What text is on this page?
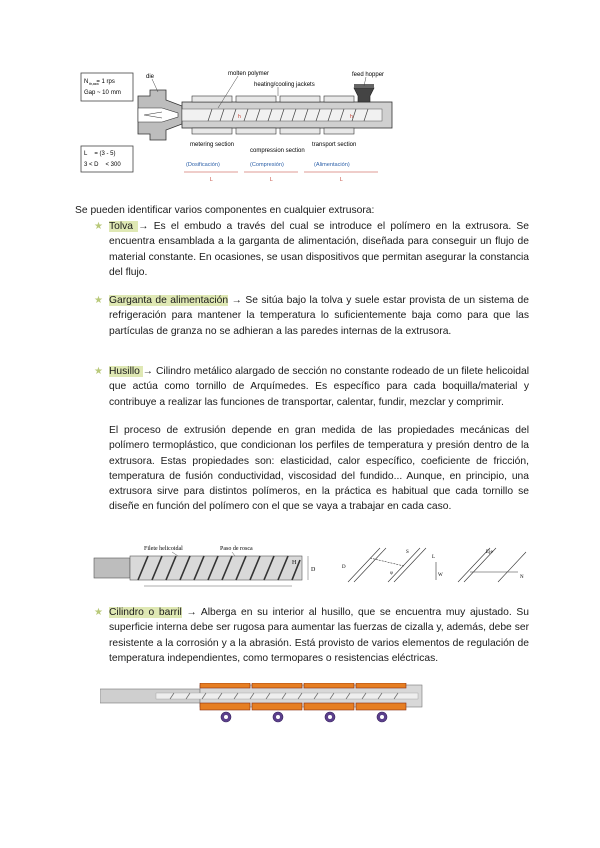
N = 1 rps
Gap ~ 10 mm
ttr,asw
L = (3 - 5)
3 < D < 300
h	h
die	molten polymer
heating/cooling jackets
feed hopper
metering section
compression section
transport section
(Dosificación)	(Compresión)	(Alimentación)
L	L	L
Se pueden identificar varios componentes en cualquier extrusora:
★ Tolva → Es el embudo a través del cual se introduce el polímero en la extrusora. Se encuentra ensamblada a la garganta de alimentación, diseñada para conseguir un flujo de material constante. En ocasiones, se usan dispositivos que permitan asegurar la constancia del flujo.
★ Garganta de alimentación → Se sitúa bajo la tolva y suele estar provista de un sistema de refrigeración para mantener la temperatura lo suficientemente baja como para que las partículas de granza no se adhieran a las paredes internas de la extrusora.
★ Husillo → Cilindro metálico alargado de sección no constante rodeado de un filete helicoidal que actúa como tornillo de Arquímedes. Es específico para cada boquilla/material y contribuye a realizar las funciones de transportar, calentar, fundir, mezclar y comprimir.
El proceso de extrusión depende en gran medida de las propiedades mecánicas del polímero termoplástico, que condicionan los perfiles de temperatura y presión dentro de la extrusora. Estas propiedades son: elasticidad, calor específico, coeficiente de fricción, temperatura de fusión conductividad, viscosidad del fundido... Aunque, en principio, una extrusora sirve para distintos polímeros, en la práctica es habitual que cada tornillo se diseñe en función del polímero con el que se vaya a trabajar en cada caso.
Filete helicoidal	Paso de rosca
H
D
S
L
φ	W
Eje
N
D
★ Cilindro o barril → Alberga en su interior al husillo, que se encuentra muy ajustado. Su superficie interna debe ser rugosa para aumentar las fuerzas de cizalla y, además, debe ser resistente a la corrosión y a la abrasión. Está provisto de varios elementos de regulación de temperatura independientes, como termopares o resistencias eléctricas.
